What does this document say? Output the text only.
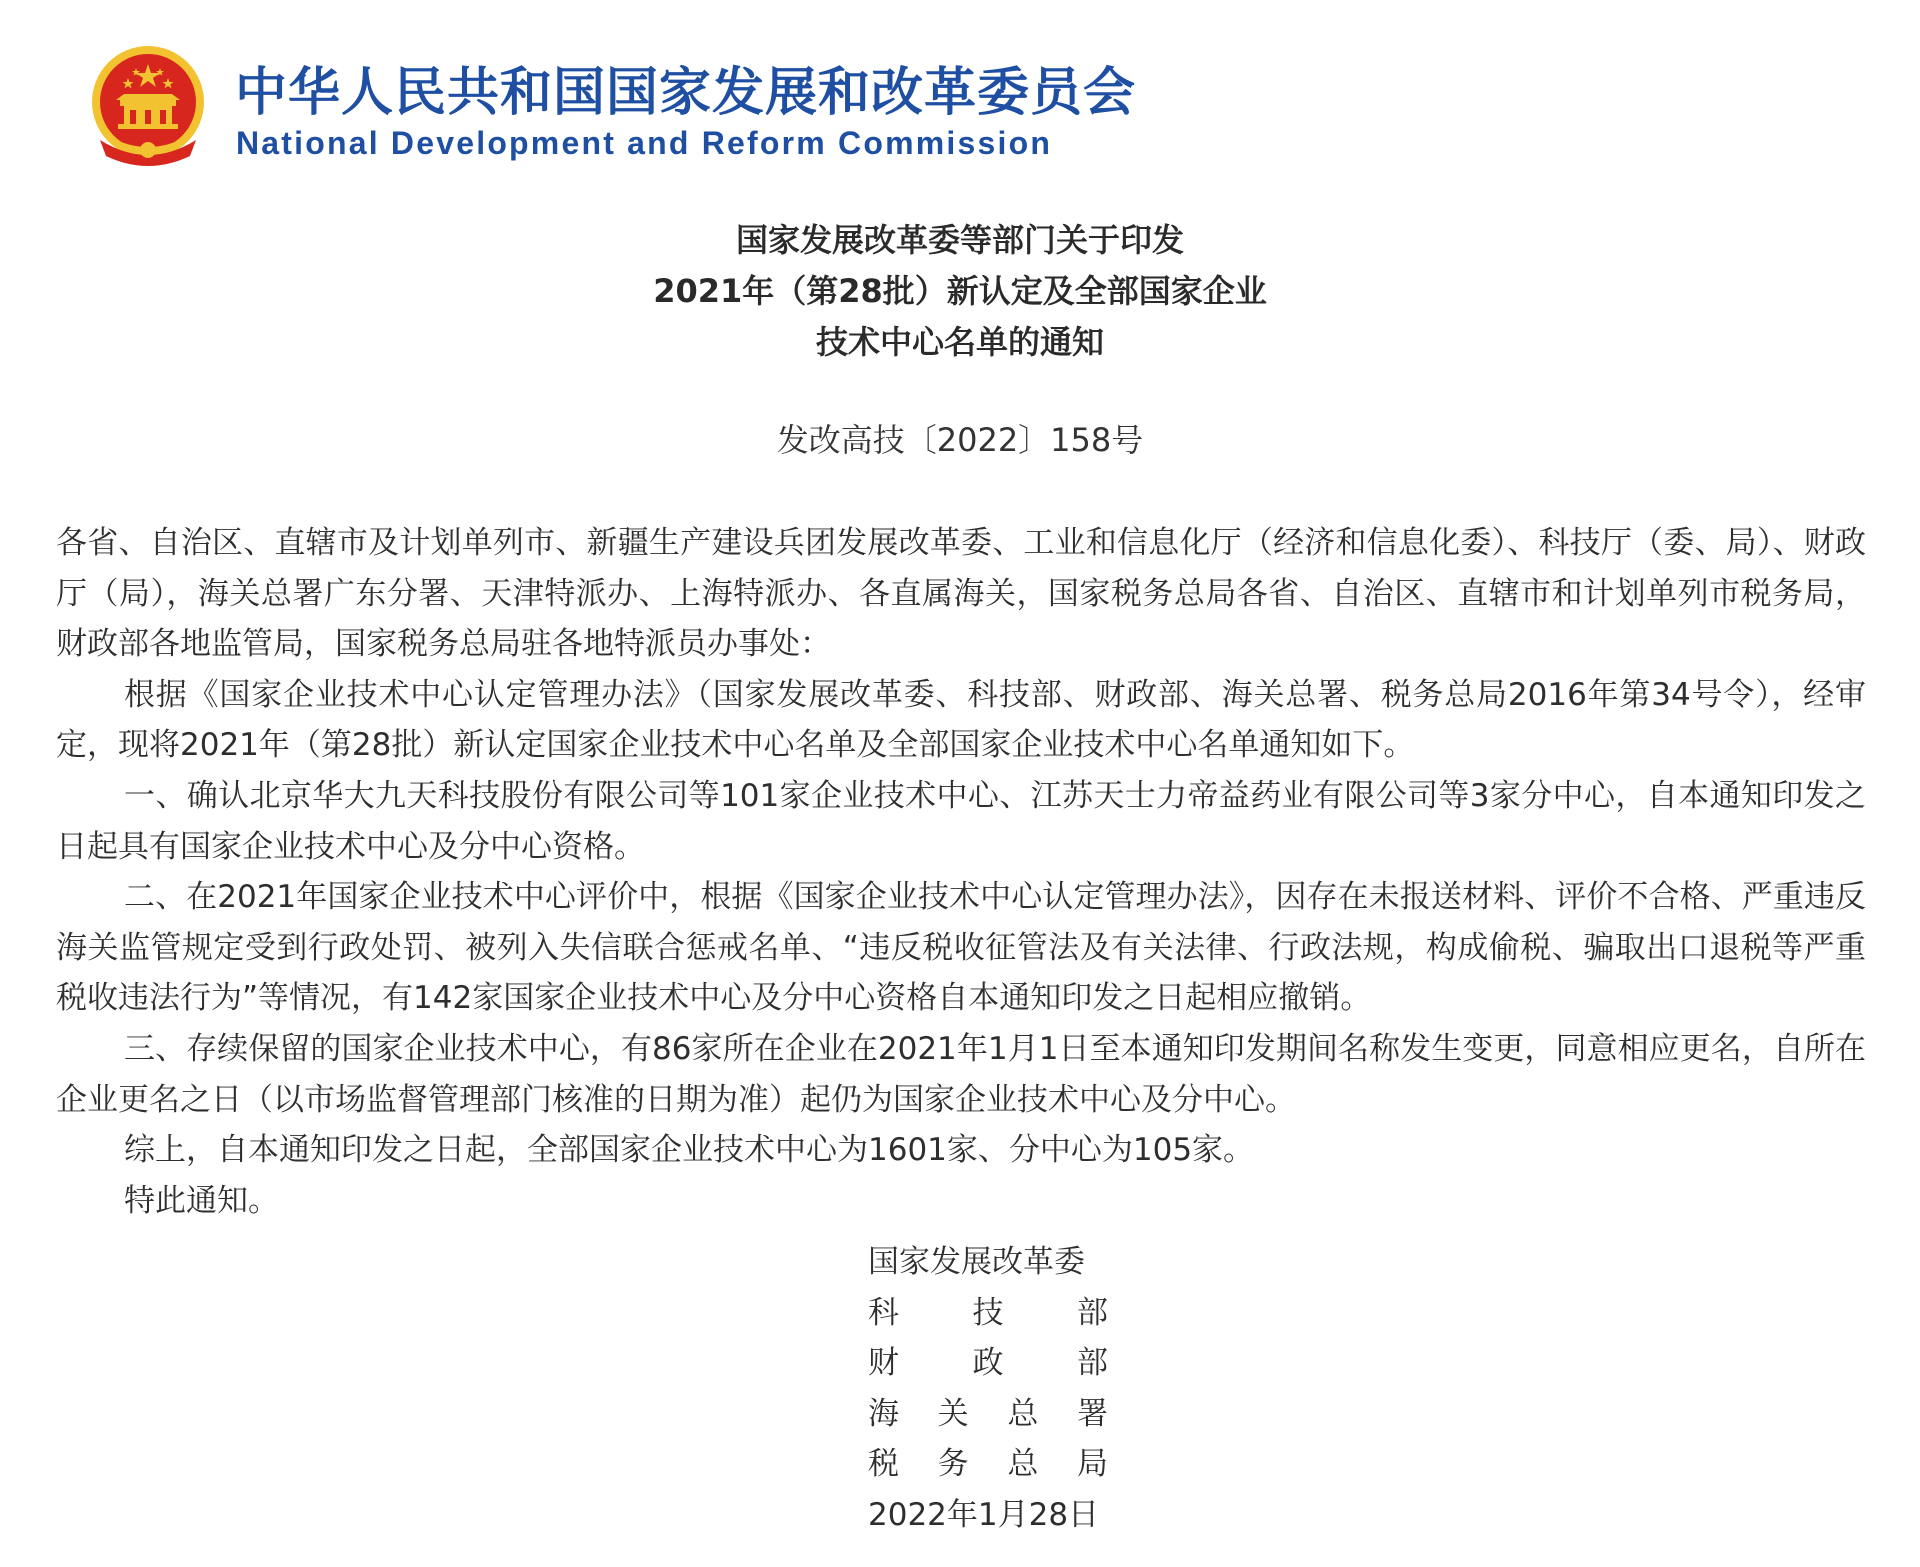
中华人民共和国国家发展和改革委员会
National Development and Reform Commission
国家发展改革委等部门关于印发
2021年（第28批）新认定及全部国家企业
技术中心名单的通知
发改高技〔2022〕158号

各省、自治区、直辖市及计划单列市、新疆生产建设兵团发展改革委、工业和信息化厅（经济和信息化委）、科技厅（委、局）、财政厅（局），海关总署广东分署、天津特派办、上海特派办、各直属海关，国家税务总局各省、自治区、直辖市和计划单列市税务局，财政部各地监管局，国家税务总局驻各地特派员办事处：

根据《国家企业技术中心认定管理办法》（国家发展改革委、科技部、财政部、海关总署、税务总局2016年第34号令），经审定，现将2021年（第28批）新认定国家企业技术中心名单及全部国家企业技术中心名单通知如下。

一、确认北京华大九天科技股份有限公司等101家企业技术中心、江苏天士力帝益药业有限公司等3家分中心，自本通知印发之日起具有国家企业技术中心及分中心资格。

二、在2021年国家企业技术中心评价中，根据《国家企业技术中心认定管理办法》，因存在未报送材料、评价不合格、严重违反海关监管规定受到行政处罚、被列入失信联合惩戒名单、“违反税收征管法及有关法律、行政法规，构成偷税、骗取出口退税等严重税收违法行为”等情况，有142家国家企业技术中心及分中心资格自本通知印发之日起相应撤销。

三、存续保留的国家企业技术中心，有86家所在企业在2021年1月1日至本通知印发期间名称发生变更，同意相应更名，自所在企业更名之日（以市场监督管理部门核准的日期为准）起仍为国家企业技术中心及分中心。

综上，自本通知印发之日起，全部国家企业技术中心为1601家、分中心为105家。

特此通知。

国家发展改革委
科技部
财政部
海关总署
税务总局
2022年1月28日
